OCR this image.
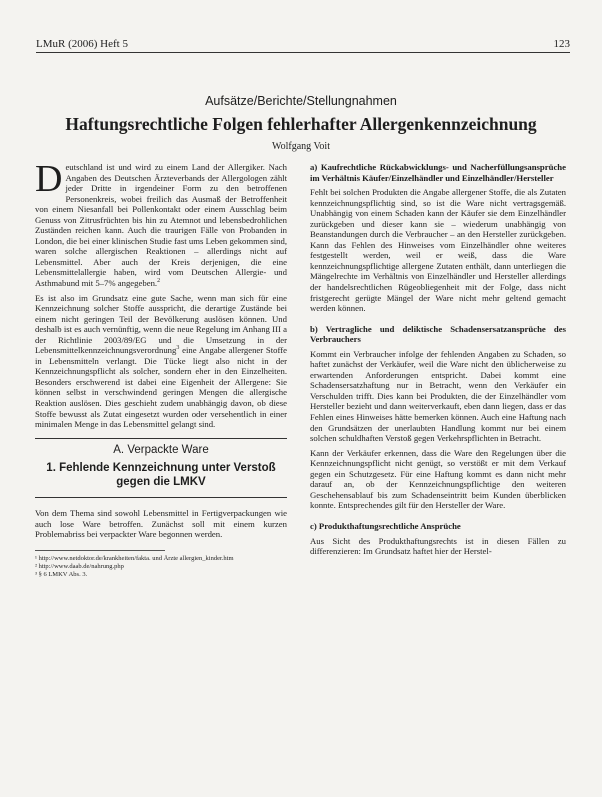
LMuR (2006) Heft 5	123
Aufsätze/Berichte/Stellungnahmen
Haftungsrechtliche Folgen fehlerhafter Allergenkennzeichnung
Wolfgang Voit

D eutschland ist und wird zu einem Land der Allergiker. Nach Angaben des Deutschen Ärzteverbands der Allergologen zählt jeder Dritte in irgendeiner Form zu den betroffenen Personenkreis, wobei freilich das Ausmaß der Betroffenheit von einem Niesanfall bei Pollenkontakt oder einem Ausschlag beim Genuss von Zitrusfrüchten bis hin zu Atemnot und lebensbedrohlichen Zuständen reichen kann. Auch die traurigen Fälle von Probanden in London, die bei einer klinischen Studie fast ums Leben gekommen sind, waren solche allergischen Reaktionen – allerdings nicht auf Lebensmittel. Aber auch der Kreis derjenigen, die eine Lebensmittelallergie haben, wird vom Deutschen Allergie- und Asthmabund mit 5–7% angegeben.$^2$

Es ist also im Grundsatz eine gute Sache, wenn man sich für eine Kennzeichnung solcher Stoffe ausspricht, die derartige Zustände bei einem nicht geringen Teil der Bevölkerung auslösen können. Und deshalb ist es auch vernünftig, wenn die neue Regelung im Anhang III a der Richtlinie 2003/89/EG und die Umsetzung in der Lebensmittelkennzeichnungsverordnung$^3$ eine Angabe allergener Stoffe in Lebensmitteln verlangt. Die Tücke liegt also nicht in der Kennzeichnungspflicht als solcher, sondern eher in den Einzelheiten. Besonders erschwerend ist dabei eine Eigenheit der Allergene: Sie können selbst in verschwindend geringen Mengen die allergische Reaktion auslösen. Dies geschieht zudem unabhängig davon, ob diese Stoffe bewusst als Zutat eingesetzt wurden oder versehentlich in einer minimalen Menge in das Lebensmittel gelangt sind.

A. Verpackte Ware

1. Fehlende Kennzeichnung unter Verstoß gegen die LMKV

Von dem Thema sind sowohl Lebensmittel in Fertigverpackungen wie auch lose Ware betroffen. Zunächst soll mit einem kurzen Problemabriss bei verpackter Ware begonnen werden.

¹ http://www.netdoktor.de/krankheiten/fakta. und Ärzte allergien_kinder.htm
² http://www.daab.de/nahrung.php
³ § 6 LMKV Abs. 3.

a) Kaufrechtliche Rückabwicklungs- und Nacherfüllungsansprüche im Verhältnis Käufer/Einzelhändler und Einzelhändler/Hersteller

Fehlt bei solchen Produkten die Angabe allergener Stoffe, die als Zutaten kennzeichnungspflichtig sind, so ist die Ware nicht vertragsgemäß. Unabhängig von einem Schaden kann der Käufer sie dem Einzelhändler zurückgeben und dieser kann sie – wiederum unabhängig von Beanstandungen durch die Verbraucher – an den Hersteller zurückgeben. Kann das Fehlen des Hinweises vom Einzelhändler ohne weiteres festgestellt werden, weil er weiß, dass die Ware kennzeichnungspflichtige allergene Zutaten enthält, dann unterliegen die Mängelrechte im Verhältnis von Einzelhändler und Hersteller allerdings der handelsrechtlichen Rügeobliegenheit mit der Folge, dass nicht fristgerecht gerügte Mängel der Ware nicht mehr geltend gemacht werden können.

b) Vertragliche und deliktische Schadensersatzansprüche des Verbrauchers

Kommt ein Verbraucher infolge der fehlenden Angaben zu Schaden, so haftet zunächst der Verkäufer, weil die Ware nicht den üblicherweise zu erwartenden Anforderungen entspricht. Dabei kommt eine Schadensersatzhaftung nur in Betracht, wenn den Verkäufer ein Verschulden trifft. Dies kann bei Produkten, die der Einzelhändler vom Hersteller bezieht und dann weiterverkauft, eben dann liegen, dass er das Fehlen eines Hinweises hätte bemerken können. Auch eine Haftung nach den Grundsätzen der unerlaubten Handlung kommt nur bei einem solchen schuldhaften Verstoß gegen Verkehrspflichten in Betracht.

Kann der Verkäufer erkennen, dass die Ware den Regelungen über die Kennzeichnungspflicht nicht genügt, so verstößt er mit dem Verkauf gegen ein Schutzgesetz. Für eine Haftung kommt es dann nicht mehr darauf an, ob der Kennzeichnungspflichtige den weiteren Geschehensablauf bis zum Schadenseintritt beim Kunden überblicken konnte. Entsprechendes gilt für den Hersteller der Ware.

c) Produkthaftungsrechtliche Ansprüche

Aus Sicht des Produkthaftungsrechts ist in diesen Fällen zu differenzieren: Im Grundsatz haftet hier der Herstel-
